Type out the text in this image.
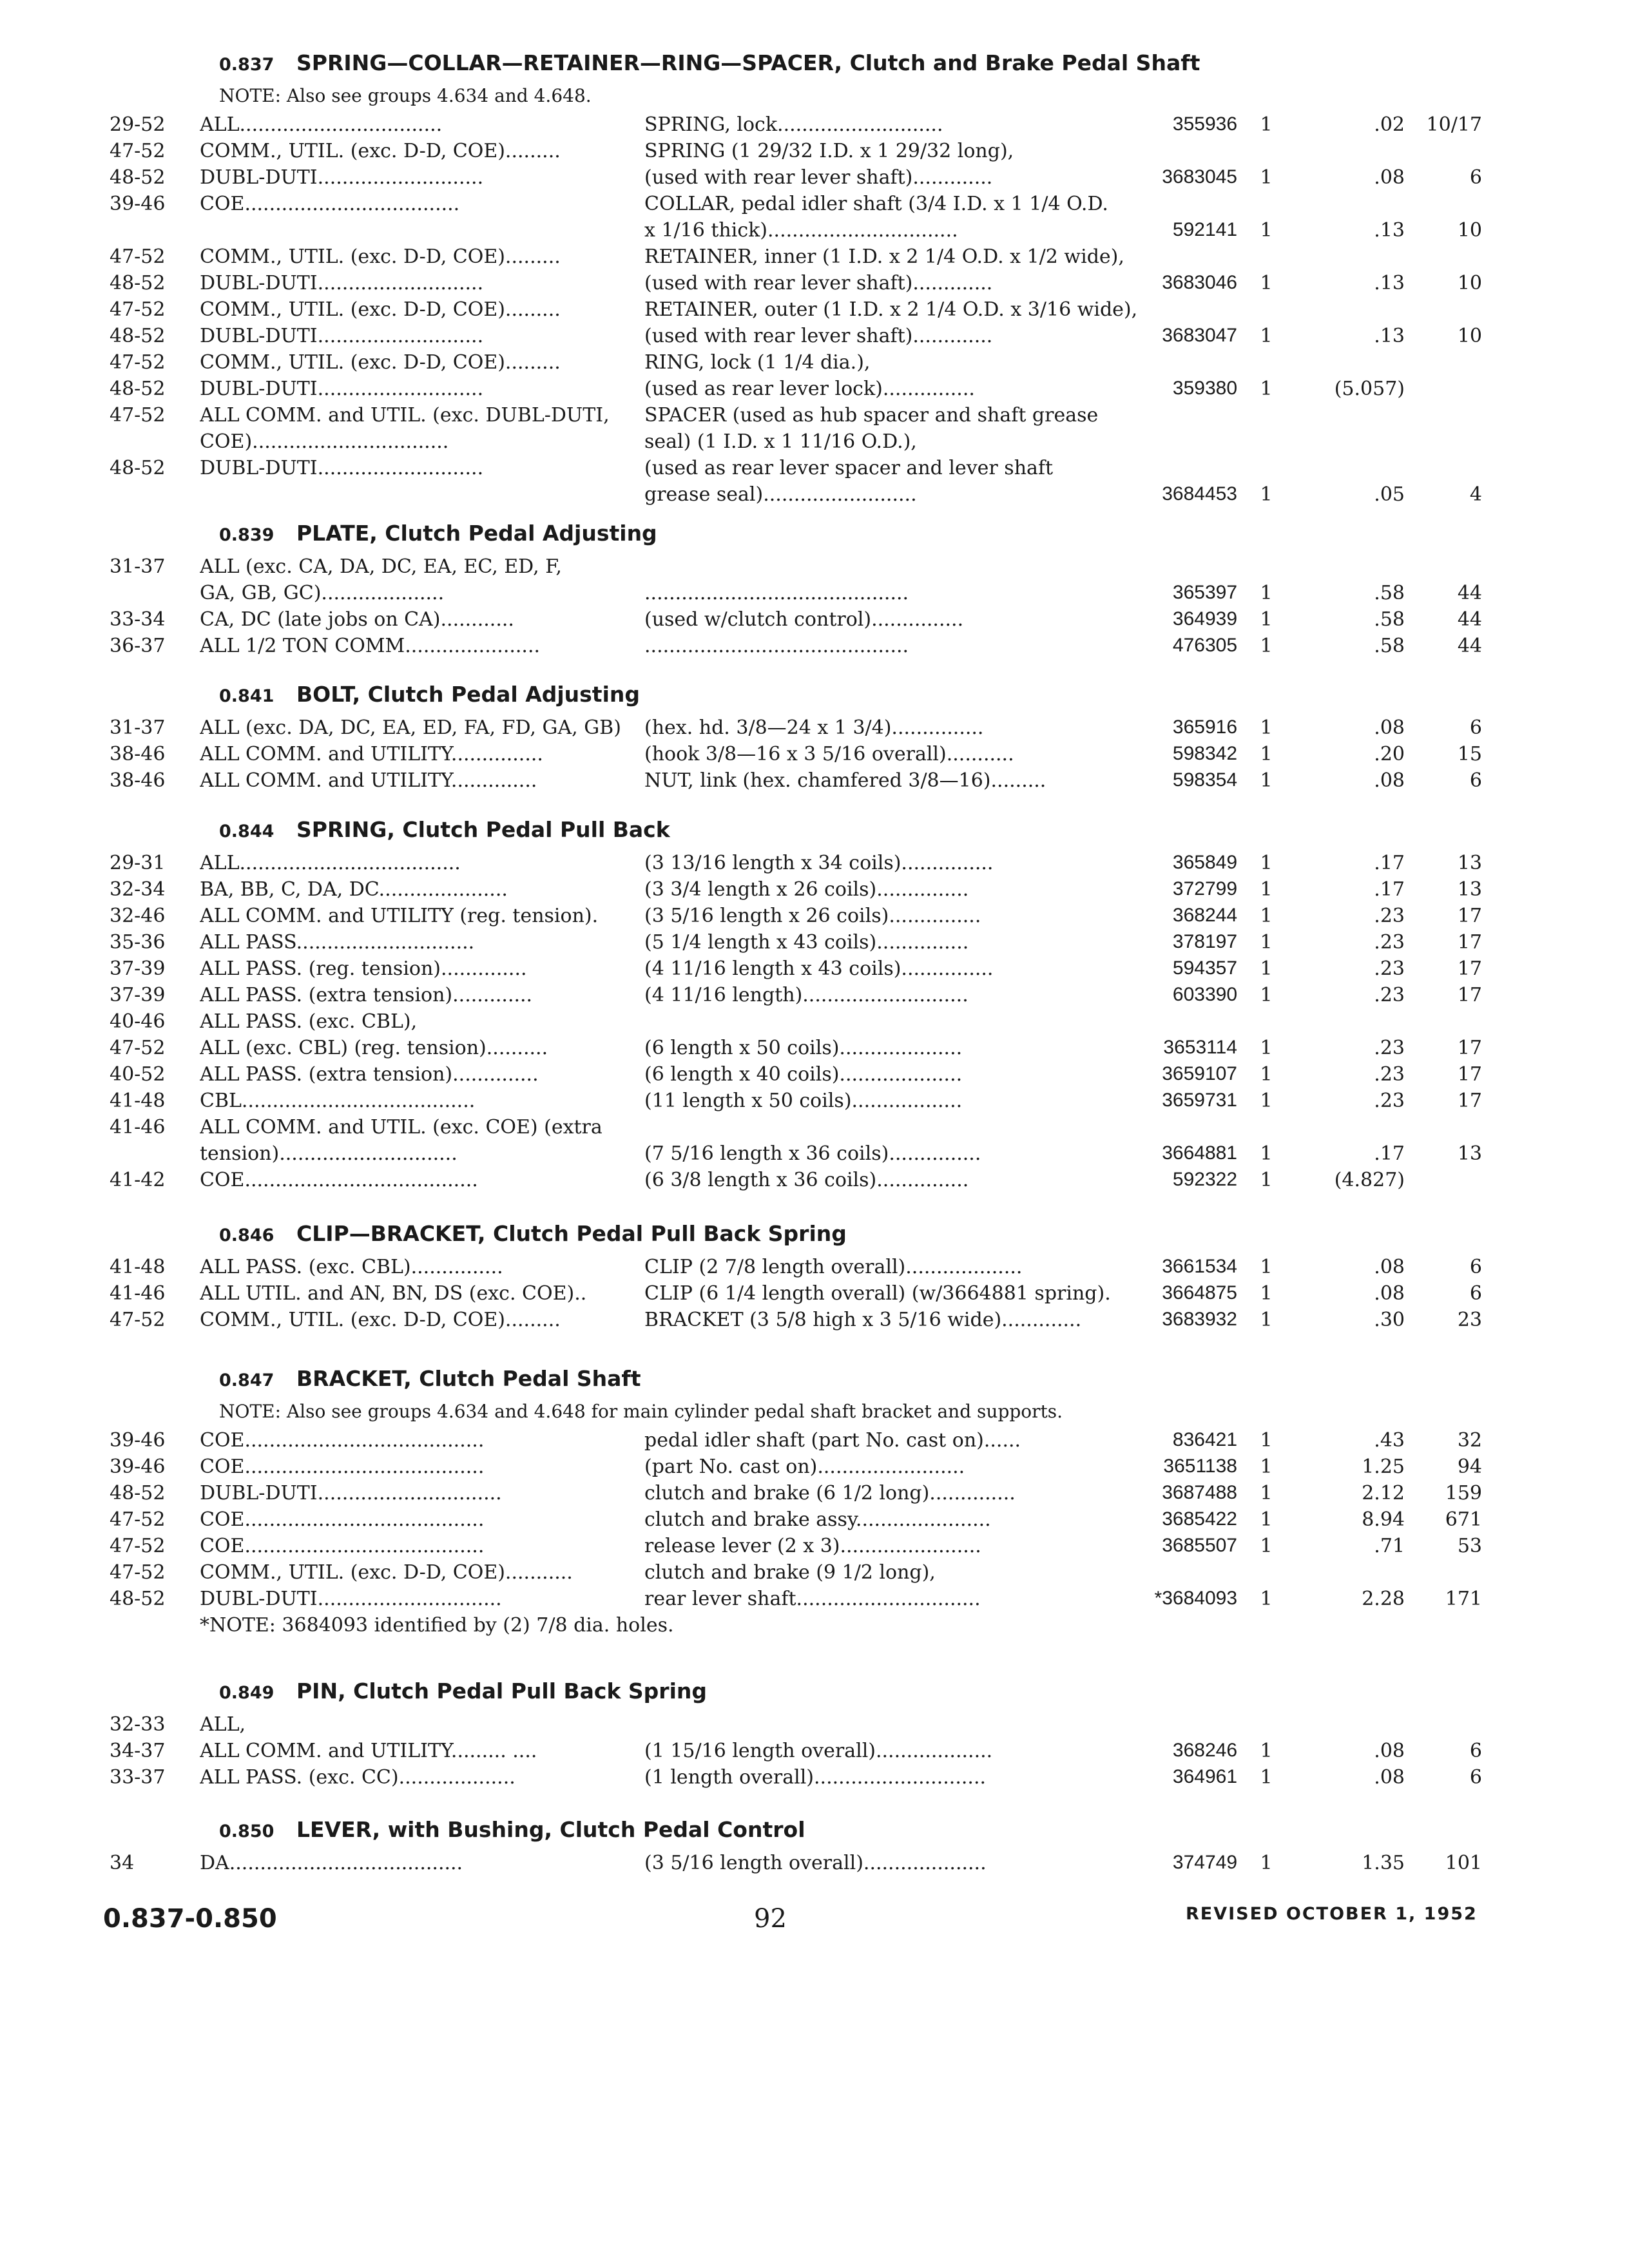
0.837 SPRING—COLLAR—RETAINER—RING—SPACER, Clutch and Brake Pedal Shaft
NOTE: Also see groups 4.634 and 4.648.
29-52	ALL.................................	SPRING, lock...........................	355936	1	.02	10/17
47-52	COMM., UTIL. (exc. D-D, COE).........	SPRING (1 29/32 I.D. x 1 29/32 long),
48-52	DUBL-DUTI...........................	(used with rear lever shaft).............	3683045	1	.08	6
39-46	COE...................................	COLLAR, pedal idler shaft (3/4 I.D. x 1 1/4 O.D.
x 1/16 thick)...............................	592141	1	.13	10
47-52	COMM., UTIL. (exc. D-D, COE).........	RETAINER, inner (1 I.D. x 2 1/4 O.D. x 1/2 wide),
48-52	DUBL-DUTI...........................	(used with rear lever shaft).............	3683046	1	.13	10
47-52	COMM., UTIL. (exc. D-D, COE).........	RETAINER, outer (1 I.D. x 2 1/4 O.D. x 3/16 wide),
48-52	DUBL-DUTI...........................	(used with rear lever shaft).............	3683047	1	.13	10
47-52	COMM., UTIL. (exc. D-D, COE).........	RING, lock (1 1/4 dia.),
48-52	DUBL-DUTI...........................	(used as rear lever lock)...............	359380	1	(5.057)
47-52	ALL COMM. and UTIL. (exc. DUBL-DUTI,	SPACER (used as hub spacer and shaft grease
COE)................................	seal) (1 I.D. x 1 11/16 O.D.),
48-52	DUBL-DUTI...........................	(used as rear lever spacer and lever shaft
grease seal).........................	3684453	1	.05	4
0.839 PLATE, Clutch Pedal Adjusting
31-37	ALL (exc. CA, DA, DC, EA, EC, ED, F,
GA, GB, GC)....................	...........................................	365397	1	.58	44
33-34	CA, DC (late jobs on CA)............	(used w/clutch control)...............	364939	1	.58	44
36-37	ALL 1/2 TON COMM......................	...........................................	476305	1	.58	44
0.841 BOLT, Clutch Pedal Adjusting
31-37	ALL (exc. DA, DC, EA, ED, FA, FD, GA, GB)	(hex. hd. 3/8—24 x 1 3/4)...............	365916	1	.08	6
38-46	ALL COMM. and UTILITY...............	(hook 3/8—16 x 3 5/16 overall)...........	598342	1	.20	15
38-46	ALL COMM. and UTILITY..............	NUT, link (hex. chamfered 3/8—16).........	598354	1	.08	6
0.844 SPRING, Clutch Pedal Pull Back
29-31	ALL....................................	(3 13/16 length x 34 coils)...............	365849	1	.17	13
32-34	BA, BB, C, DA, DC.....................	(3 3/4 length x 26 coils)...............	372799	1	.17	13
32-46	ALL COMM. and UTILITY (reg. tension).	(3 5/16 length x 26 coils)...............	368244	1	.23	17
35-36	ALL PASS.............................	(5 1/4 length x 43 coils)...............	378197	1	.23	17
37-39	ALL PASS. (reg. tension)..............	(4 11/16 length x 43 coils)...............	594357	1	.23	17
37-39	ALL PASS. (extra tension).............	(4 11/16 length)...........................	603390	1	.23	17
40-46	ALL PASS. (exc. CBL),
47-52	ALL (exc. CBL) (reg. tension)..........	(6 length x 50 coils)....................	3653114	1	.23	17
40-52	ALL PASS. (extra tension)..............	(6 length x 40 coils)....................	3659107	1	.23	17
41-48	CBL......................................	(11 length x 50 coils)..................	3659731	1	.23	17
41-46	ALL COMM. and UTIL. (exc. COE) (extra
tension).............................	(7 5/16 length x 36 coils)...............	3664881	1	.17	13
41-42	COE......................................	(6 3/8 length x 36 coils)...............	592322	1	(4.827)
0.846 CLIP—BRACKET, Clutch Pedal Pull Back Spring
41-48	ALL PASS. (exc. CBL)...............	CLIP (2 7/8 length overall)...................	3661534	1	.08	6
41-46	ALL UTIL. and AN, BN, DS (exc. COE)..	CLIP (6 1/4 length overall) (w/3664881 spring).	3664875	1	.08	6
47-52	COMM., UTIL. (exc. D-D, COE).........	BRACKET (3 5/8 high x 3 5/16 wide).............	3683932	1	.30	23
0.847 BRACKET, Clutch Pedal Shaft
NOTE: Also see groups 4.634 and 4.648 for main cylinder pedal shaft bracket and supports.
39-46	COE.......................................	pedal idler shaft (part No. cast on)......	836421	1	.43	32
39-46	COE.......................................	(part No. cast on)........................	3651138	1	1.25	94
48-52	DUBL-DUTI..............................	clutch and brake (6 1/2 long)..............	3687488	1	2.12	159
47-52	COE.......................................	clutch and brake assy......................	3685422	1	8.94	671
47-52	COE.......................................	release lever (2 x 3).......................	3685507	1	.71	53
47-52	COMM., UTIL. (exc. D-D, COE)...........	clutch and brake (9 1/2 long),
48-52	DUBL-DUTI..............................	rear lever shaft..............................	*3684093	1	2.28	171
*NOTE: 3684093 identified by (2) 7/8 dia. holes.
0.849 PIN, Clutch Pedal Pull Back Spring
32-33	ALL,
34-37	ALL COMM. and UTILITY......... ....	(1 15/16 length overall)...................	368246	1	.08	6
33-37	ALL PASS. (exc. CC)...................	(1 length overall)............................	364961	1	.08	6
0.850 LEVER, with Bushing, Clutch Pedal Control
34	DA......................................	(3 5/16 length overall)....................	374749	1	1.35	101
0.837-0.850	92	REVISED OCTOBER 1, 1952
